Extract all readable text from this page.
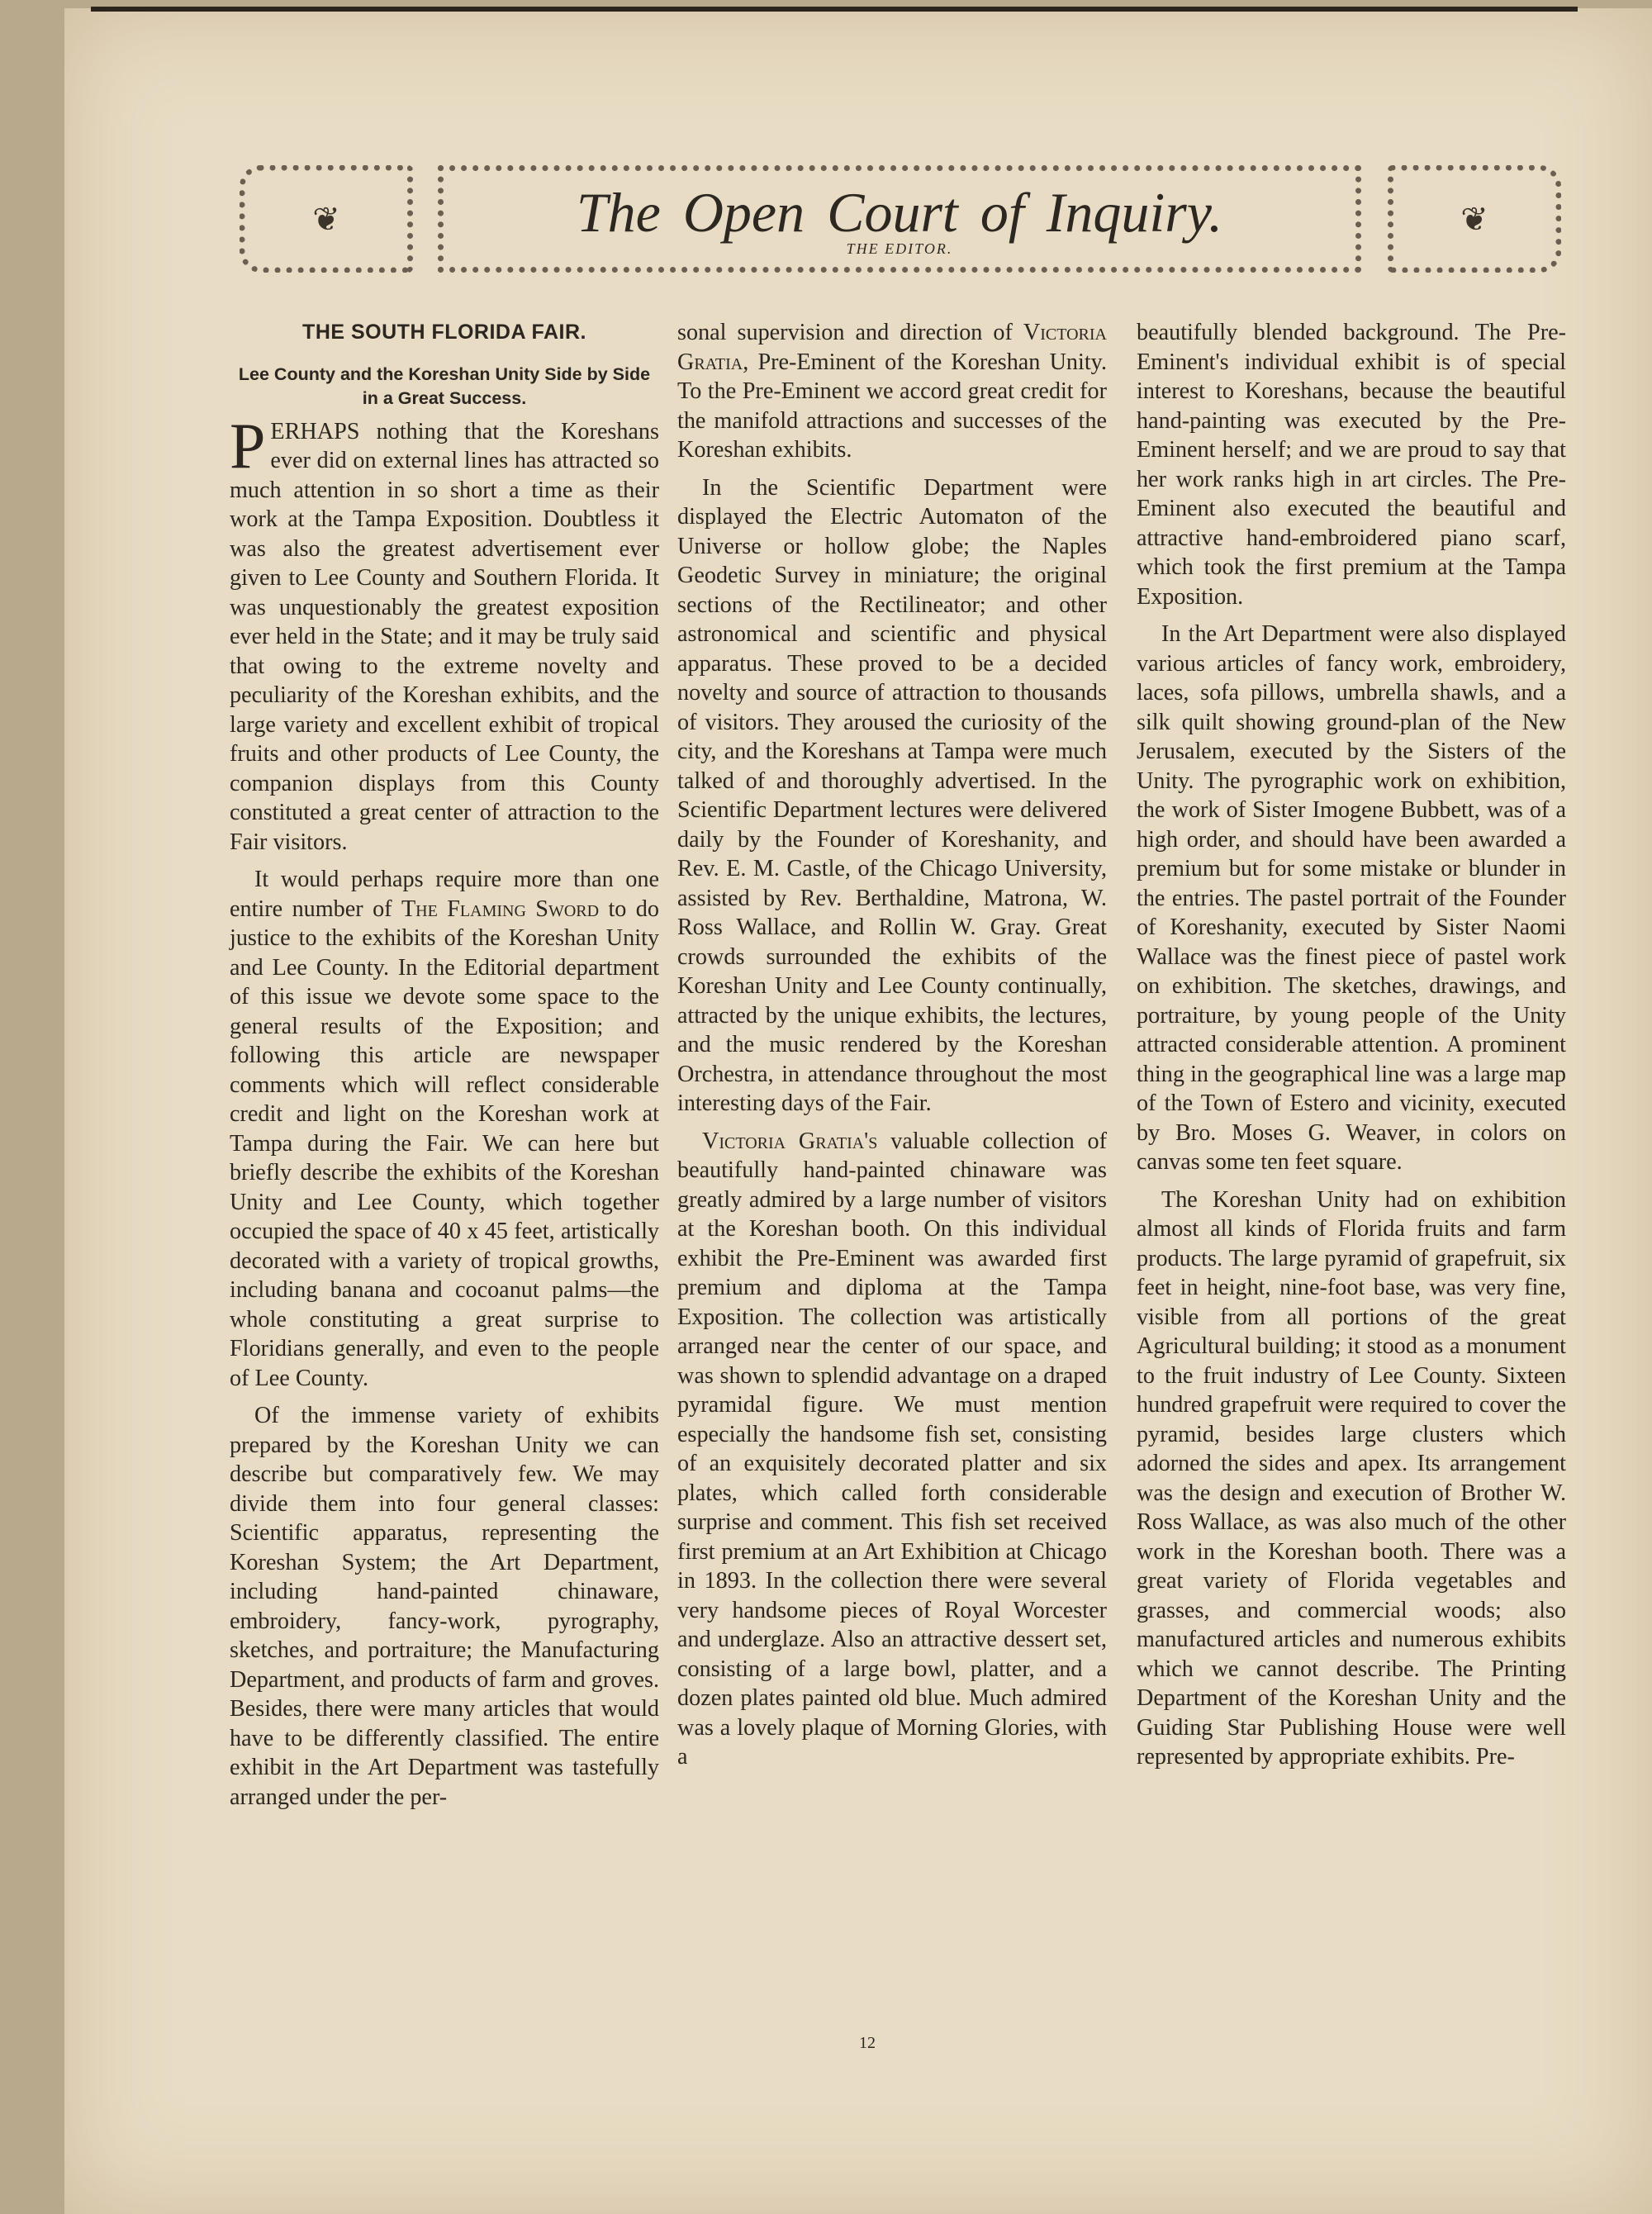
❦	The Open Court of Inquiry.
THE EDITOR.
❦
THE SOUTH FLORIDA FAIR.
Lee County and the Koreshan Unity Side by Side in a Great Success.

PERHAPS nothing that the Koreshans ever did on external lines has attracted so much attention in so short a time as their work at the Tampa Exposition. Doubtless it was also the greatest advertisement ever given to Lee County and Southern Florida. It was unquestionably the greatest exposition ever held in the State; and it may be truly said that owing to the extreme novelty and peculiarity of the Koreshan exhibits, and the large variety and excellent exhibit of tropical fruits and other products of Lee County, the companion displays from this County constituted a great center of attraction to the Fair visitors.

It would perhaps require more than one entire number of The Flaming Sword to do justice to the exhibits of the Koreshan Unity and Lee County. In the Editorial department of this issue we devote some space to the general results of the Exposition; and following this article are newspaper comments which will reflect considerable credit and light on the Koreshan work at Tampa during the Fair. We can here but briefly describe the exhibits of the Koreshan Unity and Lee County, which together occupied the space of 40 x 45 feet, artistically decorated with a variety of tropical growths, including banana and cocoanut palms—the whole constituting a great surprise to Floridians generally, and even to the people of Lee County.

Of the immense variety of exhibits prepared by the Koreshan Unity we can describe but comparatively few. We may divide them into four general classes: Scientific apparatus, representing the Koreshan System; the Art Department, including hand-painted chinaware, embroidery, fancy-work, pyrography, sketches, and portraiture; the Manufacturing Department, and products of farm and groves. Besides, there were many articles that would have to be differently classified. The entire exhibit in the Art Department was tastefully arranged under the per-

sonal supervision and direction of Victoria Gratia, Pre-Eminent of the Koreshan Unity. To the Pre-Eminent we accord great credit for the manifold attractions and successes of the Koreshan exhibits.

In the Scientific Department were displayed the Electric Automaton of the Universe or hollow globe; the Naples Geodetic Survey in miniature; the original sections of the Rectilineator; and other astronomical and scientific and physical apparatus. These proved to be a decided novelty and source of attraction to thousands of visitors. They aroused the curiosity of the city, and the Koreshans at Tampa were much talked of and thoroughly advertised. In the Scientific Department lectures were delivered daily by the Founder of Koreshanity, and Rev. E. M. Castle, of the Chicago University, assisted by Rev. Berthaldine, Matrona, W. Ross Wallace, and Rollin W. Gray. Great crowds surrounded the exhibits of the Koreshan Unity and Lee County continually, attracted by the unique exhibits, the lectures, and the music rendered by the Koreshan Orchestra, in attendance throughout the most interesting days of the Fair.

Victoria Gratia's valuable collection of beautifully hand-painted chinaware was greatly admired by a large number of visitors at the Koreshan booth. On this individual exhibit the Pre-Eminent was awarded first premium and diploma at the Tampa Exposition. The collection was artistically arranged near the center of our space, and was shown to splendid advantage on a draped pyramidal figure. We must mention especially the handsome fish set, consisting of an exquisitely decorated platter and six plates, which called forth considerable surprise and comment. This fish set received first premium at an Art Exhibition at Chicago in 1893. In the collection there were several very handsome pieces of Royal Worcester and underglaze. Also an attractive dessert set, consisting of a large bowl, platter, and a dozen plates painted old blue. Much admired was a lovely plaque of Morning Glories, with a

beautifully blended background. The Pre-Eminent's individual exhibit is of special interest to Koreshans, because the beautiful hand-painting was executed by the Pre-Eminent herself; and we are proud to say that her work ranks high in art circles. The Pre-Eminent also executed the beautiful and attractive hand-embroidered piano scarf, which took the first premium at the Tampa Exposition.

In the Art Department were also displayed various articles of fancy work, embroidery, laces, sofa pillows, umbrella shawls, and a silk quilt showing ground-plan of the New Jerusalem, executed by the Sisters of the Unity. The pyrographic work on exhibition, the work of Sister Imogene Bubbett, was of a high order, and should have been awarded a premium but for some mistake or blunder in the entries. The pastel portrait of the Founder of Koreshanity, executed by Sister Naomi Wallace was the finest piece of pastel work on exhibition. The sketches, drawings, and portraiture, by young people of the Unity attracted considerable attention. A prominent thing in the geographical line was a large map of the Town of Estero and vicinity, executed by Bro. Moses G. Weaver, in colors on canvas some ten feet square.

The Koreshan Unity had on exhibition almost all kinds of Florida fruits and farm products. The large pyramid of grapefruit, six feet in height, nine-foot base, was very fine, visible from all portions of the great Agricultural building; it stood as a monument to the fruit industry of Lee County. Sixteen hundred grapefruit were required to cover the pyramid, besides large clusters which adorned the sides and apex. Its arrangement was the design and execution of Brother W. Ross Wallace, as was also much of the other work in the Koreshan booth. There was a great variety of Florida vegetables and grasses, and commercial woods; also manufactured articles and numerous exhibits which we cannot describe. The Printing Department of the Koreshan Unity and the Guiding Star Publishing House were well represented by appropriate exhibits. Pre-

12
